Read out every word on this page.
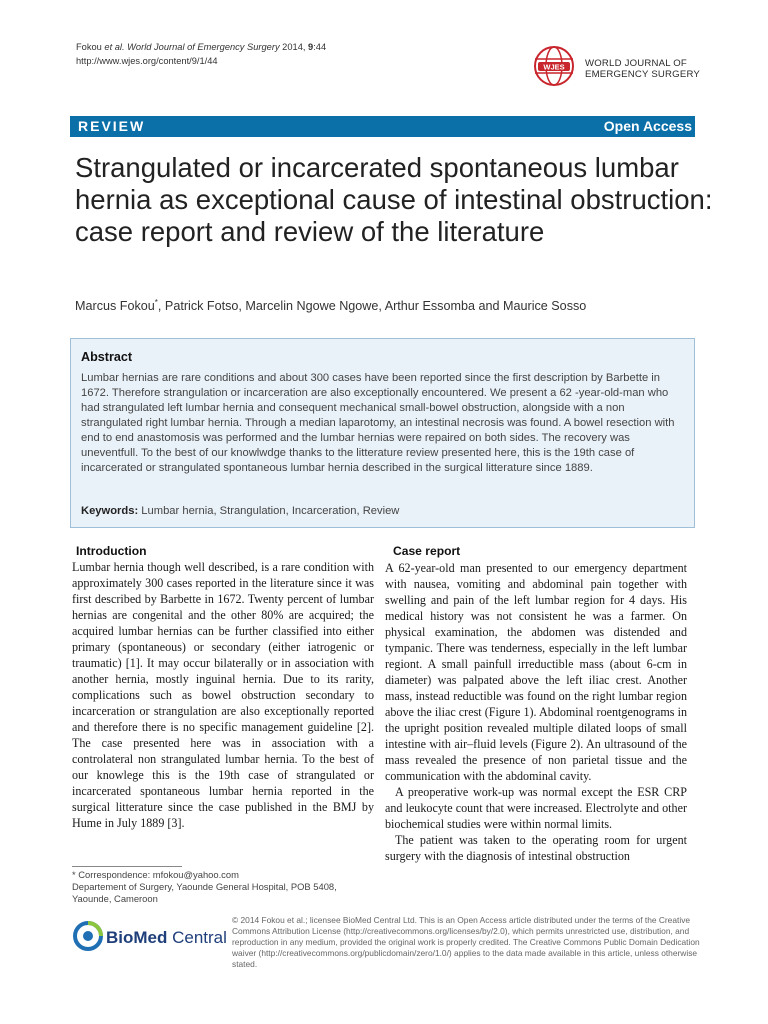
Fokou et al. World Journal of Emergency Surgery 2014, 9:44
http://www.wjes.org/content/9/1/44
WJES WORLD JOURNAL OF
EMERGENCY SURGERY
REVIEW	Open Access
Strangulated or incarcerated spontaneous lumbar hernia as exceptional cause of intestinal obstruction: case report and review of the literature
Marcus Fokou*, Patrick Fotso, Marcelin Ngowe Ngowe, Arthur Essomba and Maurice Sosso
Abstract
Lumbar hernias are rare conditions and about 300 cases have been reported since the first description by Barbette in 1672. Therefore strangulation or incarceration are also exceptionally encountered. We present a 62 -year-old-man who had strangulated left lumbar hernia and consequent mechanical small-bowel obstruction, alongside with a non strangulated right lumbar hernia. Through a median laparotomy, an intestinal necrosis was found. A bowel resection with end to end anastomosis was performed and the lumbar hernias were repaired on both sides. The recovery was uneventfull. To the best of our knowlwdge thanks to the litterature review presented here, this is the 19th case of incarcerated or strangulated spontaneous lumbar hernia described in the surgical litterature since 1889.
Keywords: Lumbar hernia, Strangulation, Incarceration, Review
Introduction

Lumbar hernia though well described, is a rare condition with approximately 300 cases reported in the literature since it was first described by Barbette in 1672. Twenty percent of lumbar hernias are congenital and the other 80% are acquired; the acquired lumbar hernias can be further classified into either primary (spontaneous) or secondary (either iatrogenic or traumatic) [1]. It may occur bilaterally or in association with another hernia, mostly inguinal hernia. Due to its rarity, complications such as bowel obstruction secondary to incarceration or strangulation are also exceptionally reported and therefore there is no specific management guideline [2]. The case presented here was in association with a controlateral non strangulated lumbar hernia. To the best of our knowlege this is the 19th case of strangulated or incarcerated spontaneous lumbar hernia reported in the surgical litterature since the case published in the BMJ by Hume in July 1889 [3].

Case report

A 62-year-old man presented to our emergency department with nausea, vomiting and abdominal pain together with swelling and pain of the left lumbar region for 4 days. His medical history was not consistent he was a farmer. On physical examination, the abdomen was distended and tympanic. There was tenderness, especially in the left lumbar regiont. A small painfull irreductible mass (about 6-cm in diameter) was palpated above the left iliac crest. Another mass, instead reductible was found on the right lumbar region above the iliac crest (Figure 1). Abdominal roentgenograms in the upright position revealed multiple dilated loops of small intestine with air–fluid levels (Figure 2). An ultrasound of the mass revealed the presence of non parietal tissue and the communication with the abdominal cavity.

A preoperative work-up was normal except the ESR CRP and leukocyte count that were increased. Electrolyte and other biochemical studies were within normal limits.

The patient was taken to the operating room for urgent surgery with the diagnosis of intestinal obstruction

* Correspondence: mfokou@yahoo.com
Departement of Surgery, Yaounde General Hospital, POB 5408, Yaounde, Cameroon
BioMed Central
© 2014 Fokou et al.; licensee BioMed Central Ltd. This is an Open Access article distributed under the terms of the Creative Commons Attribution License (http://creativecommons.org/licenses/by/2.0), which permits unrestricted use, distribution, and reproduction in any medium, provided the original work is properly credited. The Creative Commons Public Domain Dedication waiver (http://creativecommons.org/publicdomain/zero/1.0/) applies to the data made available in this article, unless otherwise stated.
